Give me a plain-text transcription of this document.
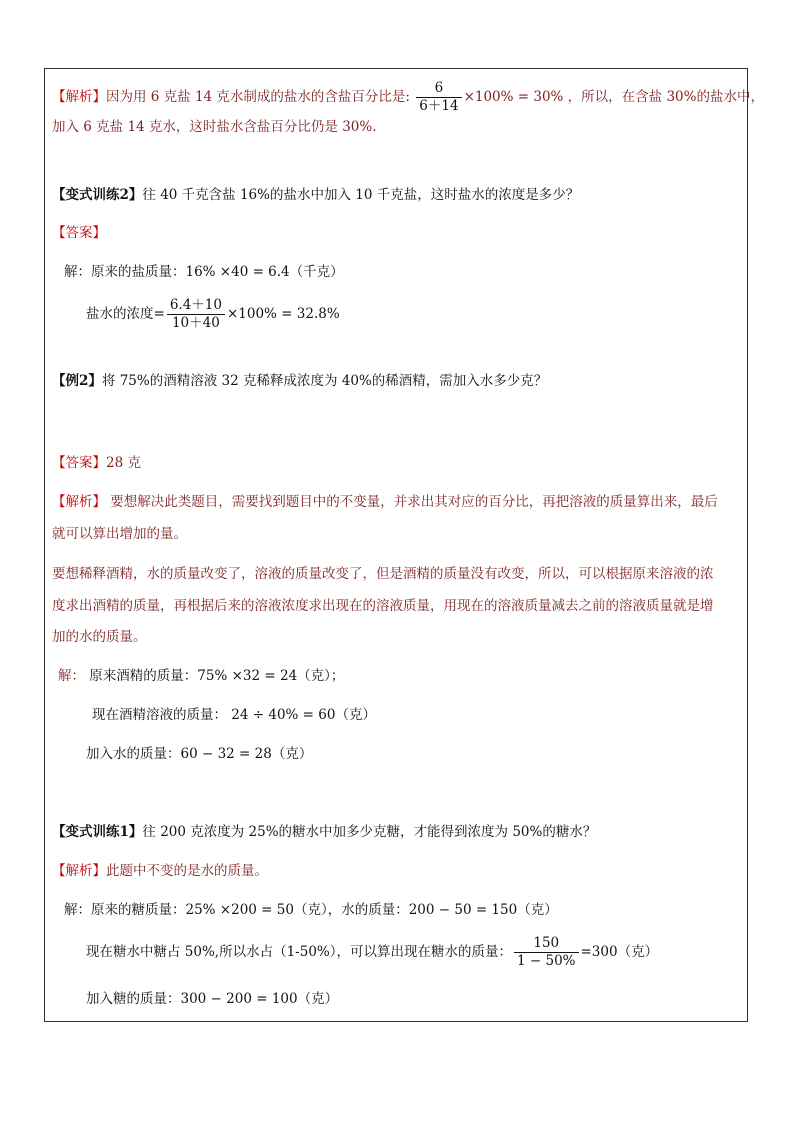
【解析】因为用 6 克盐 14 克水制成的盐水的含盐百分比是: $\frac{6}{6+14} \times 100\% = 30\%$ ，所以，在含盐 30%的盐水中，
加入 6 克盐 14 克水，这时盐水含盐百分比仍是 30%.
【变式训练2】往 40 千克含盐 16%的盐水中加入 10 千克盐，这时盐水的浓度是多少？
【答案】
解：原来的盐质量：16% ×40 = 6.4（千克）
盐水的浓度= $\frac{6.4+10}{10+40} \times 100\% = 32.8\%$
【例2】将 75%的酒精溶液 32 克稀释成浓度为 40%的稀酒精，需加入水多少克？
【答案】28 克
【解析】 要想解决此类题目，需要找到题目中的不变量，并求出其对应的百分比，再把溶液的质量算出来，最后
就可以算出增加的量。
要想稀释酒精，水的质量改变了，溶液的质量改变了，但是酒精的质量没有改变，所以，可以根据原来溶液的浓
度求出酒精的质量，再根据后来的溶液浓度求出现在的溶液质量，用现在的溶液质量减去之前的溶液质量就是增
加的水的质量。
解： 原来酒精的质量：75% ×32 = 24（克）；
现在酒精溶液的质量： 24 ÷ 40% = 60（克）
加入水的质量：60 − 32 = 28（克）
【变式训练1】往 200 克浓度为 25%的糖水中加多少克糖，才能得到浓度为 50%的糖水？
【解析】此题中不变的是水的质量。
解：原来的糖质量：25% ×200 = 50（克），水的质量：200 − 50 = 150（克）
现在糖水中糖占 50%,所以水占（1-50%），可以算出现在糖水的质量： $\frac{150}{1 - 50\%} =300$（克）
加入糖的质量：300 − 200 = 100（克）
